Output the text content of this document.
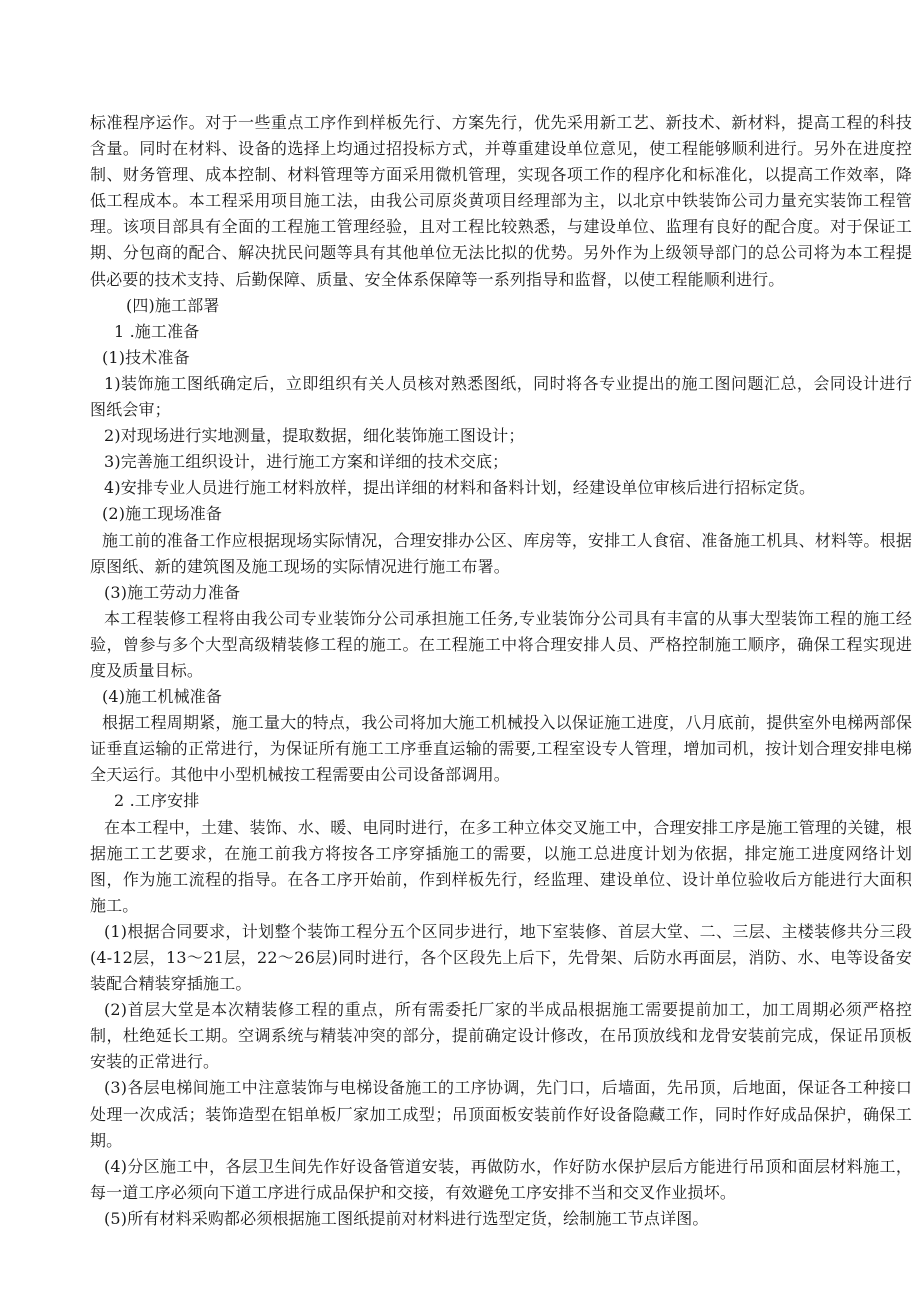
标准程序运作。对于一些重点工序作到样板先行、方案先行，优先采用新工艺、新技术、新材料，提高工程的科技含量。同时在材料、设备的选择上均通过招投标方式，并尊重建设单位意见，使工程能够顺利进行。另外在进度控制、财务管理、成本控制、材料管理等方面采用微机管理，实现各项工作的程序化和标准化，以提高工作效率，降低工程成本。本工程采用项目施工法，由我公司原炎黄项目经理部为主，以北京中铁装饰公司力量充实装饰工程管理。该项目部具有全面的工程施工管理经验，且对工程比较熟悉，与建设单位、监理有良好的配合度。对于保证工期、分包商的配合、解决扰民问题等具有其他单位无法比拟的优势。另外作为上级领导部门的总公司将为本工程提供必要的技术支持、后勤保障、质量、安全体系保障等一系列指导和监督，以使工程能顺利进行。

(四)施工部署

1 .施工准备

(1)技术准备

1)装饰施工图纸确定后，立即组织有关人员核对熟悉图纸，同时将各专业提出的施工图问题汇总，会同设计进行图纸会审；

2)对现场进行实地测量，提取数据，细化装饰施工图设计；

3)完善施工组织设计，进行施工方案和详细的技术交底；

4)安排专业人员进行施工材料放样，提出详细的材料和备料计划，经建设单位审核后进行招标定货。

(2)施工现场准备

施工前的准备工作应根据现场实际情况，合理安排办公区、库房等，安排工人食宿、准备施工机具、材料等。根据原图纸、新的建筑图及施工现场的实际情况进行施工布署。

(3)施工劳动力准备

本工程装修工程将由我公司专业装饰分公司承担施工任务,专业装饰分公司具有丰富的从事大型装饰工程的施工经验，曾参与多个大型高级精装修工程的施工。在工程施工中将合理安排人员、严格控制施工顺序，确保工程实现进度及质量目标。

(4)施工机械准备

根据工程周期紧，施工量大的特点，我公司将加大施工机械投入以保证施工进度，八月底前，提供室外电梯两部保证垂直运输的正常进行，为保证所有施工工序垂直运输的需要,工程室设专人管理，增加司机，按计划合理安排电梯全天运行。其他中小型机械按工程需要由公司设备部调用。

2 .工序安排

在本工程中，土建、装饰、水、暖、电同时进行，在多工种立体交叉施工中，合理安排工序是施工管理的关键，根据施工工艺要求，在施工前我方将按各工序穿插施工的需要，以施工总进度计划为依据，排定施工进度网络计划图，作为施工流程的指导。在各工序开始前，作到样板先行，经监理、建设单位、设计单位验收后方能进行大面积施工。

(1)根据合同要求，计划整个装饰工程分五个区同步进行，地下室装修、首层大堂、二、三层、主楼装修共分三段(4-12层，13～21层，22～26层)同时进行，各个区段先上后下，先骨架、后防水再面层，消防、水、电等设备安装配合精装穿插施工。

(2)首层大堂是本次精装修工程的重点，所有需委托厂家的半成品根据施工需要提前加工，加工周期必须严格控制，杜绝延长工期。空调系统与精装冲突的部分，提前确定设计修改，在吊顶放线和龙骨安装前完成，保证吊顶板安装的正常进行。

(3)各层电梯间施工中注意装饰与电梯设备施工的工序协调，先门口，后墙面，先吊顶，后地面，保证各工种接口处理一次成活；装饰造型在铝单板厂家加工成型；吊顶面板安装前作好设备隐藏工作，同时作好成品保护，确保工期。

(4)分区施工中，各层卫生间先作好设备管道安装，再做防水，作好防水保护层后方能进行吊顶和面层材料施工，每一道工序必须向下道工序进行成品保护和交接，有效避免工序安排不当和交叉作业损坏。

(5)所有材料采购都必须根据施工图纸提前对材料进行选型定货，绘制施工节点详图。
